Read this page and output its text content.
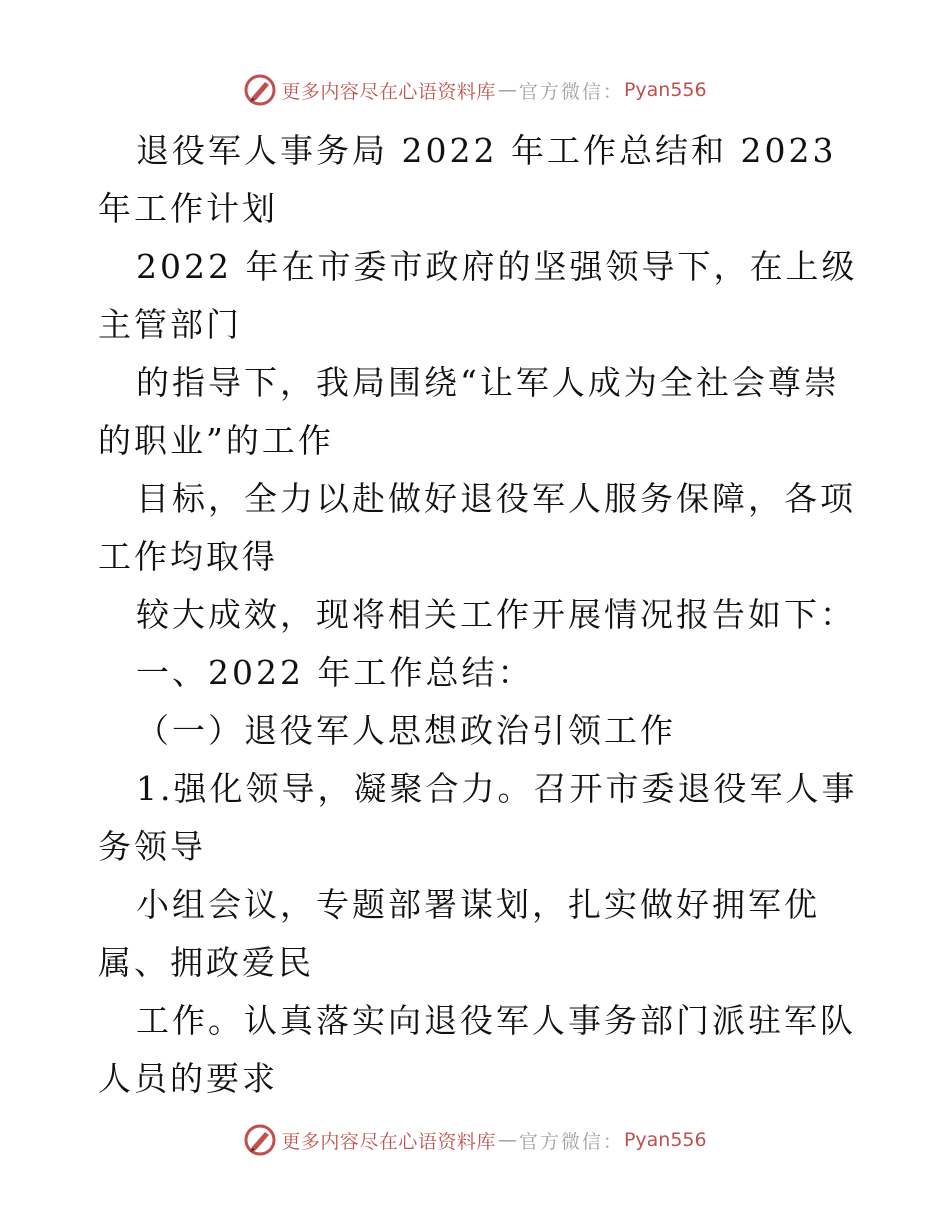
更多内容尽在心语资料库 — 官方微信： Pyan556

退役军人事务局 2022 年工作总结和 2023 年工作计划

2022 年在市委市政府的坚强领导下，在上级主管部门

的指导下，我局围绕“让军人成为全社会尊崇的职业”的工作

目标，全力以赴做好退役军人服务保障，各项工作均取得

较大成效，现将相关工作开展情况报告如下：

一、2022 年工作总结：

（一）退役军人思想政治引领工作

1.强化领导，凝聚合力。召开市委退役军人事务领导

小组会议，专题部署谋划，扎实做好拥军优属、拥政爱民

工作。认真落实向退役军人事务部门派驻军队人员的要求

更多内容尽在心语资料库 — 官方微信： Pyan556
